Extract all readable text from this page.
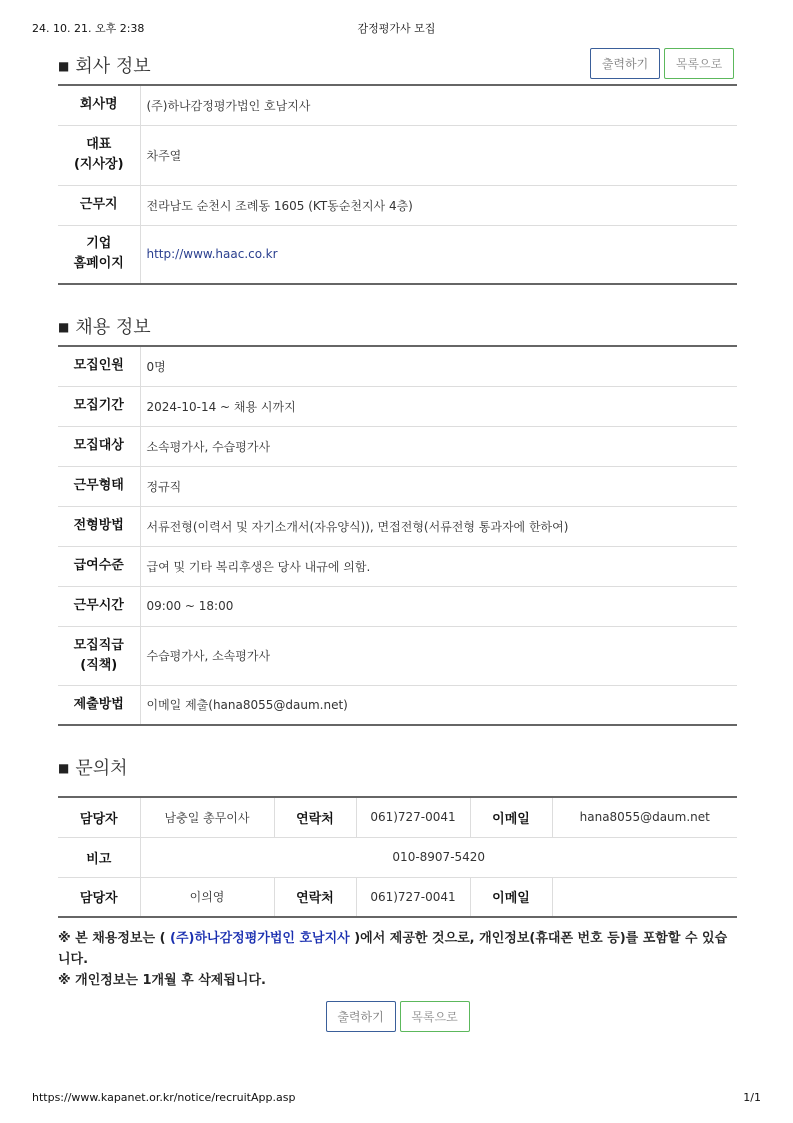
24. 10. 21. 오후 2:38	감정평가사 모집
■ 회사 정보	출력하기	목록으로
회사명	(주)하나감정평가법인 호남지사

대표
(지사장)	차주열
근무지	전라남도 순천시 조례동 1605 (KT동순천지사 4층)

기업
홈페이지	http://www.haac.co.kr
■ 채용 정보
모집인원	0명
모집기간	2024-10-14 ~ 채용 시까지
모집대상	소속평가사, 수습평가사
근무형태	정규직
전형방법	서류전형(이력서 및 자기소개서(자유양식)), 면접전형(서류전형 통과자에 한하여)
급여수준	급여 및 기타 복리후생은 당사 내규에 의함.
근무시간	09:00 ~ 18:00

모집직급
(직책)	수습평가사, 소속평가사
제출방법	이메일 제출(hana8055@daum.net)
■ 문의처
담당자	남충일 총무이사	연락처	061)727-0041	이메일	hana8055@daum.net
비고	010-8907-5420				
담당자	이의영	연락처	061)727-0041	이메일	
※ 본 채용정보는 ( (주)하나감정평가법인 호남지사 )에서 제공한 것으로, 개인정보(휴대폰 번호 등)를 포함할 수 있습니다.
※ 개인정보는 1개월 후 삭제됩니다.
출력하기	목록으로
https://www.kapanet.or.kr/notice/recruitApp.asp	1/1
